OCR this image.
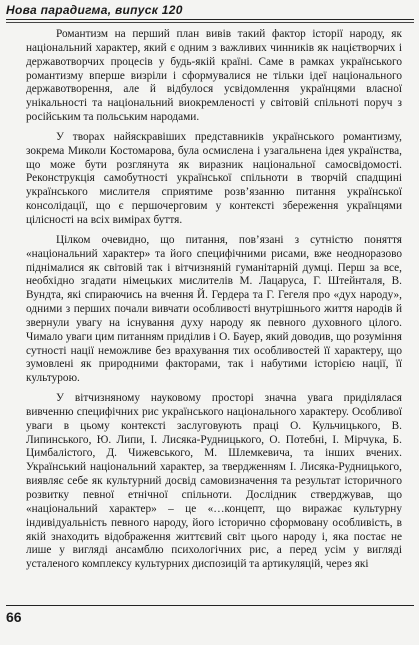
Нова парадигма, випуск 120

Романтизм на перший план вивів такий фактор історії народу, як національний характер, який є одним з важливих чинників як націєтворчих і державотворчих процесів у будь-якій країні. Саме в рамках українського романтизму вперше визріли і сформувалися не тільки ідеї національного державотворення, але й відбулося усвідомлення українцями власної унікальності та національний виокремленості у світовій спільноті поруч з російським та польським народами.

У творах найяскравіших представників українського романтизму, зокрема Миколи Костомарова, була осмислена і узагальнена ідея українства, що може бути розглянута як виразник національної самосвідомості. Реконструкція самобутності української спільноти в творчій спадщині українського мислителя сприятиме розв’язанню питання української консолідації, що є першочерговим у контексті збереження українцями цілісності на всіх вимірах буття.

Цілком очевидно, що питання, пов’язані з сутністю поняття «національний характер» та його специфічними рисами, вже неодноразово піднімалися як світовій так і вітчизняній гуманітарній думці. Перш за все, необхідно згадати німецьких мислителів М. Лацаруса, Г. Штейнталя, В. Вундта, які спираючись на вчення Й. Гердера та Г. Гегеля про «дух народу», одними з перших почали вивчати особливості внутрішнього життя народів й звернули увагу на існування духу народу як певного духовного цілого. Чимало уваги цим питанням приділив і О. Бауер, який доводив, що розуміння сутності нації неможливе без врахування тих особливостей її характеру, що зумовлені як природними факторами, так і набутими історією нації, її культурою.

У вітчизняному науковому просторі значна увага приділялася вивченню специфічних рис українського національного характеру. Особливої уваги в цьому контексті заслуговують праці О. Кульчицького, В. Липинського, Ю. Липи, І. Лисяка-Рудницького, О. Потебні, І. Мірчука, Б. Цимбалістого, Д. Чижевського, М. Шлемкевича, та інших вчених. Український національний характер, за твердженням І. Лисяка-Рудницького, виявляє себе як культурний досвід самовизначення та результат історичного розвитку певної етнічної спільноти. Дослідник стверджував, що «національний характер» – це «…концепт, що виражає культурну індивідуальність певного народу, його історично сформовану особливість, в якій знаходить відображення життєвий світ цього народу і, яка постає не лише у вигляді ансамблю психологічних рис, а перед усім у вигляді усталеного комплексу культурних диспозицій та артикуляцій, через які

66
